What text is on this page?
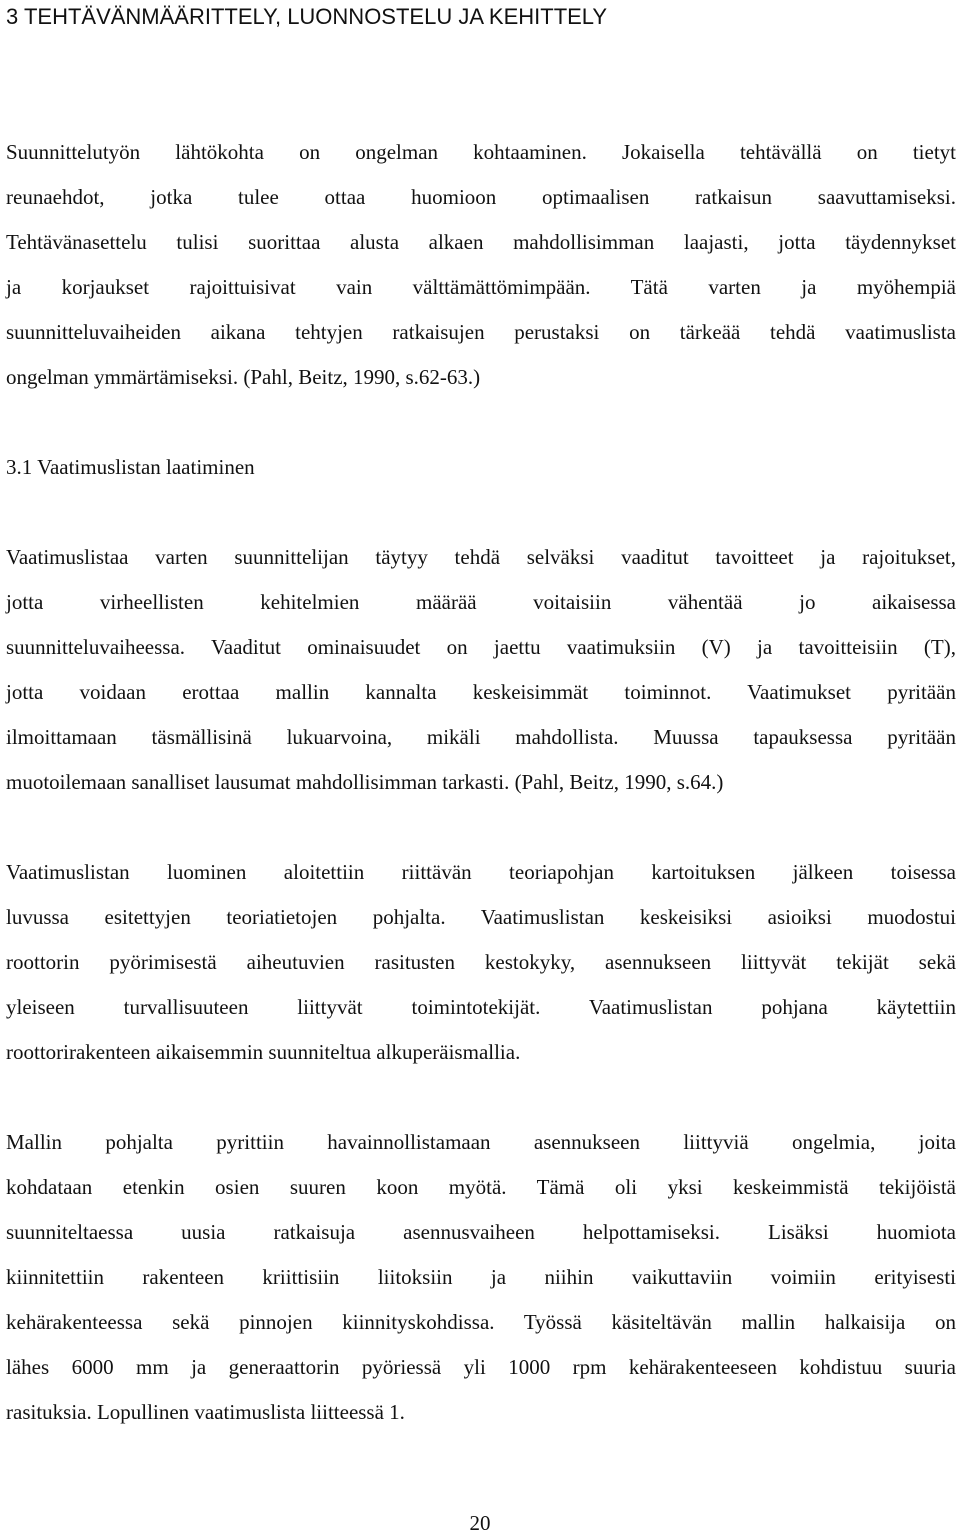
3 TEHTÄVÄNMÄÄRITTELY, LUONNOSTELU JA KEHITTELY

Suunnittelutyön lähtökohta on ongelman kohtaaminen. Jokaisella tehtävällä on tietyt
reunaehdot, jotka tulee ottaa huomioon optimaalisen ratkaisun saavuttamiseksi.
Tehtävänasettelu tulisi suorittaa alusta alkaen mahdollisimman laajasti, jotta täydennykset
ja korjaukset rajoittuisivat vain välttämättömimpään. Tätä varten ja myöhempiä
suunnitteluvaiheiden aikana tehtyjen ratkaisujen perustaksi on tärkeää tehdä vaatimuslista
ongelman ymmärtämiseksi. (Pahl, Beitz, 1990, s.62-63.)

3.1 Vaatimuslistan laatiminen

Vaatimuslistaa varten suunnittelijan täytyy tehdä selväksi vaaditut tavoitteet ja rajoitukset,
jotta virheellisten kehitelmien määrää voitaisiin vähentää jo aikaisessa
suunnitteluvaiheessa. Vaaditut ominaisuudet on jaettu vaatimuksiin (V) ja tavoitteisiin (T),
jotta voidaan erottaa mallin kannalta keskeisimmät toiminnot. Vaatimukset pyritään
ilmoittamaan täsmällisinä lukuarvoina, mikäli mahdollista. Muussa tapauksessa pyritään
muotoilemaan sanalliset lausumat mahdollisimman tarkasti. (Pahl, Beitz, 1990, s.64.)

Vaatimuslistan luominen aloitettiin riittävän teoriapohjan kartoituksen jälkeen toisessa
luvussa esitettyjen teoriatietojen pohjalta. Vaatimuslistan keskeisiksi asioiksi muodostui
roottorin pyörimisestä aiheutuvien rasitusten kestokyky, asennukseen liittyvät tekijät sekä
yleiseen turvallisuuteen liittyvät toimintotekijät. Vaatimuslistan pohjana käytettiin
roottorirakenteen aikaisemmin suunniteltua alkuperäismallia.

Mallin pohjalta pyrittiin havainnollistamaan asennukseen liittyviä ongelmia, joita
kohdataan etenkin osien suuren koon myötä. Tämä oli yksi keskeimmistä tekijöistä
suunniteltaessa uusia ratkaisuja asennusvaiheen helpottamiseksi. Lisäksi huomiota
kiinnitettiin rakenteen kriittisiin liitoksiin ja niihin vaikuttaviin voimiin erityisesti
kehärakenteessa sekä pinnojen kiinnityskohdissa. Työssä käsiteltävän mallin halkaisija on
lähes 6000 mm ja generaattorin pyöriessä yli 1000 rpm kehärakenteeseen kohdistuu suuria
rasituksia. Lopullinen vaatimuslista liitteessä 1.

20
